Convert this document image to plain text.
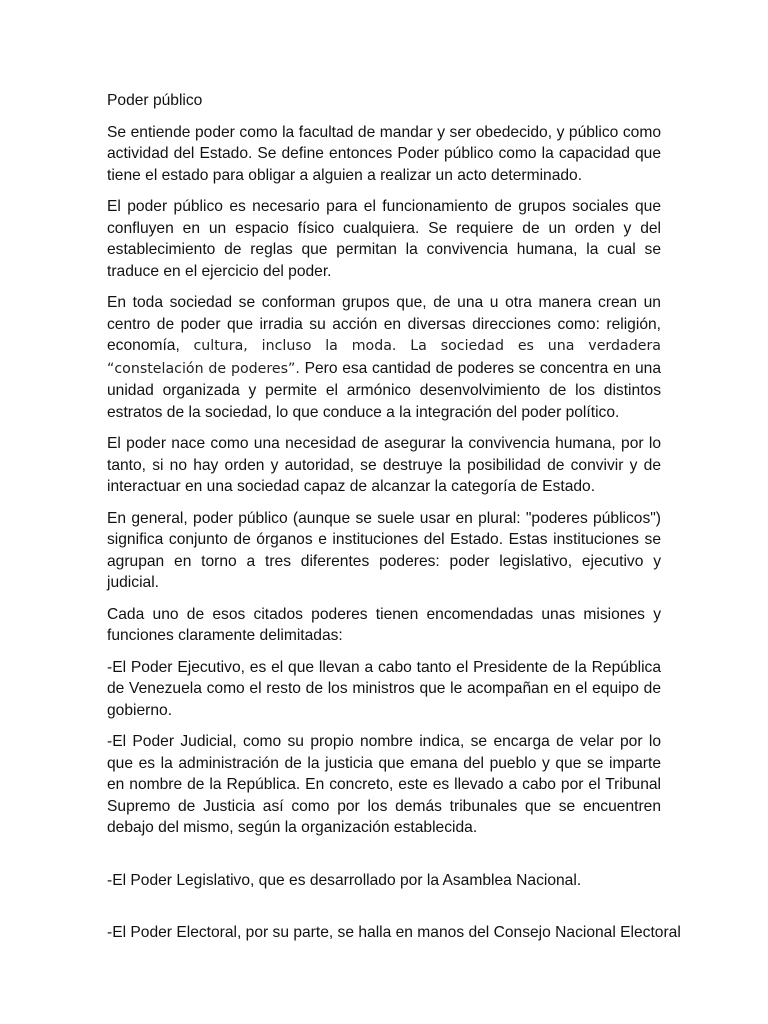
Poder público

Se entiende poder como la facultad de mandar y ser obedecido, y público como actividad del Estado. Se define entonces Poder público como la capacidad que tiene el estado para obligar a alguien a realizar un acto determinado.

El poder público es necesario para el funcionamiento de grupos sociales que confluyen en un espacio físico cualquiera. Se requiere de un orden y del establecimiento de reglas que permitan la convivencia humana, la cual se traduce en el ejercicio del poder.

En toda sociedad se conforman grupos que, de una u otra manera crean un centro de poder que irradia su acción en diversas direcciones como: religión, economía, cultura, incluso la moda. La sociedad es una verdadera “constelación de poderes”. Pero esa cantidad de poderes se concentra en una unidad organizada y permite el armónico desenvolvimiento de los distintos estratos de la sociedad, lo que conduce a la integración del poder político.

El poder nace como una necesidad de asegurar la convivencia humana, por lo tanto, si no hay orden y autoridad, se destruye la posibilidad de convivir y de interactuar en una sociedad capaz de alcanzar la categoría de Estado.

En general, poder público (aunque se suele usar en plural: "poderes públicos") significa conjunto de órganos e instituciones del Estado. Estas instituciones se agrupan en torno a tres diferentes poderes: poder legislativo, ejecutivo y judicial.

Cada uno de esos citados poderes tienen encomendadas unas misiones y funciones claramente delimitadas:

-El Poder Ejecutivo, es el que llevan a cabo tanto el Presidente de la República de Venezuela como el resto de los ministros que le acompañan en el equipo de gobierno.

-El Poder Judicial, como su propio nombre indica, se encarga de velar por lo que es la administración de la justicia que emana del pueblo y que se imparte en nombre de la República. En concreto, este es llevado a cabo por el Tribunal Supremo de Justicia así como por los demás tribunales que se encuentren debajo del mismo, según la organización establecida.

-El Poder Legislativo, que es desarrollado por la Asamblea Nacional.

-El Poder Electoral, por su parte, se halla en manos del Consejo Nacional Electoral
